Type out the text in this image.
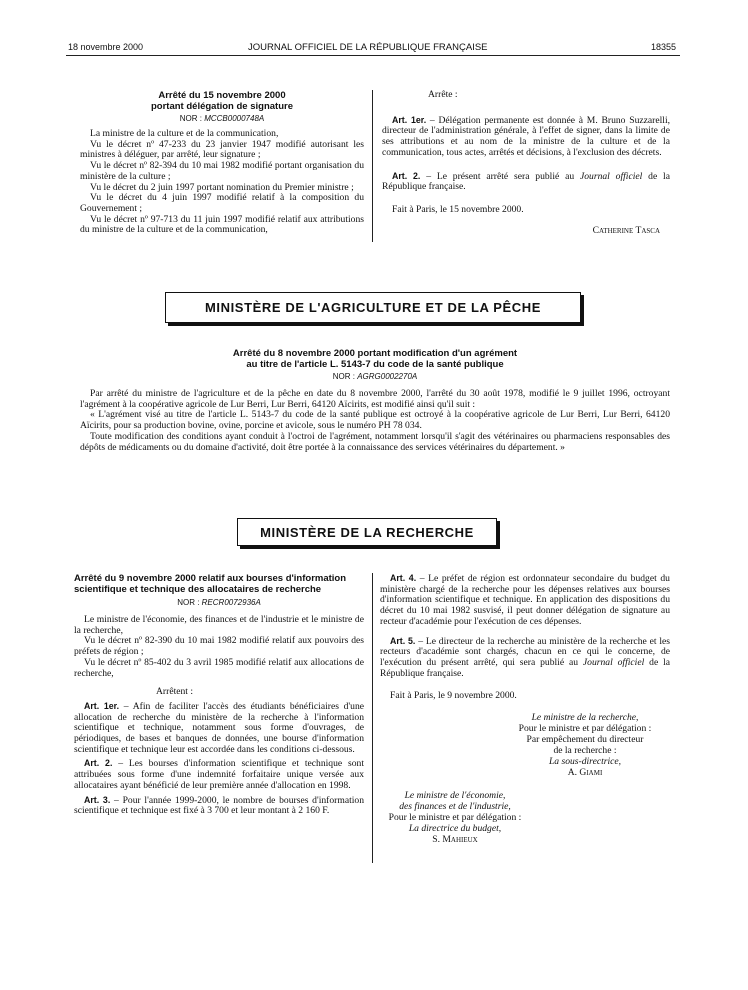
18 novembre 2000	JOURNAL OFFICIEL DE LA RÉPUBLIQUE FRANÇAISE	18355
Arrêté du 15 novembre 2000
portant délégation de signature
NOR : MCCB0000748A

La ministre de la culture et de la communication,

Vu le décret nº 47-233 du 23 janvier 1947 modifié autorisant les ministres à déléguer, par arrêté, leur signature ;

Vu le décret nº 82-394 du 10 mai 1982 modifié portant organisation du ministère de la culture ;

Vu le décret du 2 juin 1997 portant nomination du Premier ministre ;

Vu le décret du 4 juin 1997 modifié relatif à la composition du Gouvernement ;

Vu le décret nº 97-713 du 11 juin 1997 modifié relatif aux attributions du ministre de la culture et de la communication,

Arrête :

Art. 1er. – Délégation permanente est donnée à M. Bruno Suzzarelli, directeur de l'administration générale, à l'effet de signer, dans la limite de ses attributions et au nom de la ministre de la culture et de la communication, tous actes, arrêtés et décisions, à l'exclusion des décrets.

Art. 2. – Le présent arrêté sera publié au Journal officiel de la République française.

Fait à Paris, le 15 novembre 2000.

Catherine Tasca

MINISTÈRE DE L'AGRICULTURE ET DE LA PÊCHE
Arrêté du 8 novembre 2000 portant modification d'un agrément
au titre de l'article L. 5143-7 du code de la santé publique
NOR : AGRG0002270A

Par arrêté du ministre de l'agriculture et de la pêche en date du 8 novembre 2000, l'arrêté du 30 août 1978, modifié le 9 juillet 1996, octroyant l'agrément à la coopérative agricole de Lur Berri, Lur Berri, 64120 Aïcirits, est modifié ainsi qu'il suit :

« L'agrément visé au titre de l'article L. 5143-7 du code de la santé publique est octroyé à la coopérative agricole de Lur Berri, Lur Berri, 64120 Aïcirits, pour sa production bovine, ovine, porcine et avicole, sous le numéro PH 78 034.

Toute modification des conditions ayant conduit à l'octroi de l'agrément, notamment lorsqu'il s'agit des vétérinaires ou pharmaciens responsables des dépôts de médicaments ou du domaine d'activité, doit être portée à la connaissance des services vétérinaires du département. »

MINISTÈRE DE LA RECHERCHE
Arrêté du 9 novembre 2000 relatif aux bourses d'information scientifique et technique des allocataires de recherche
NOR : RECR0072936A

Le ministre de l'économie, des finances et de l'industrie et le ministre de la recherche,

Vu le décret nº 82-390 du 10 mai 1982 modifié relatif aux pouvoirs des préfets de région ;

Vu le décret nº 85-402 du 3 avril 1985 modifié relatif aux allocations de recherche,

Arrêtent :

Art. 1er. – Afin de faciliter l'accès des étudiants bénéficiaires d'une allocation de recherche du ministère de la recherche à l'information scientifique et technique, notamment sous forme d'ouvrages, de périodiques, de bases et banques de données, une bourse d'information scientifique et technique leur est accordée dans les conditions ci-dessous.

Art. 2. – Les bourses d'information scientifique et technique sont attribuées sous forme d'une indemnité forfaitaire unique versée aux allocataires ayant bénéficié de leur première année d'allocation en 1998.

Art. 3. – Pour l'année 1999-2000, le nombre de bourses d'information scientifique et technique est fixé à 3 700 et leur montant à 2 160 F.

Art. 4. – Le préfet de région est ordonnateur secondaire du budget du ministère chargé de la recherche pour les dépenses relatives aux bourses d'information scientifique et technique. En application des dispositions du décret du 10 mai 1982 susvisé, il peut donner délégation de signature au recteur d'académie pour l'exécution de ces dépenses.

Art. 5. – Le directeur de la recherche au ministère de la recherche et les recteurs d'académie sont chargés, chacun en ce qui le concerne, de l'exécution du présent arrêté, qui sera publié au Journal officiel de la République française.

Fait à Paris, le 9 novembre 2000.

Le ministre de la recherche,
Pour le ministre et par délégation :
Par empêchement du directeur
de la recherche :
La sous-directrice,
A. Giami
Le ministre de l'économie,
des finances et de l'industrie,
Pour le ministre et par délégation :
La directrice du budget,
S. Mahieux
